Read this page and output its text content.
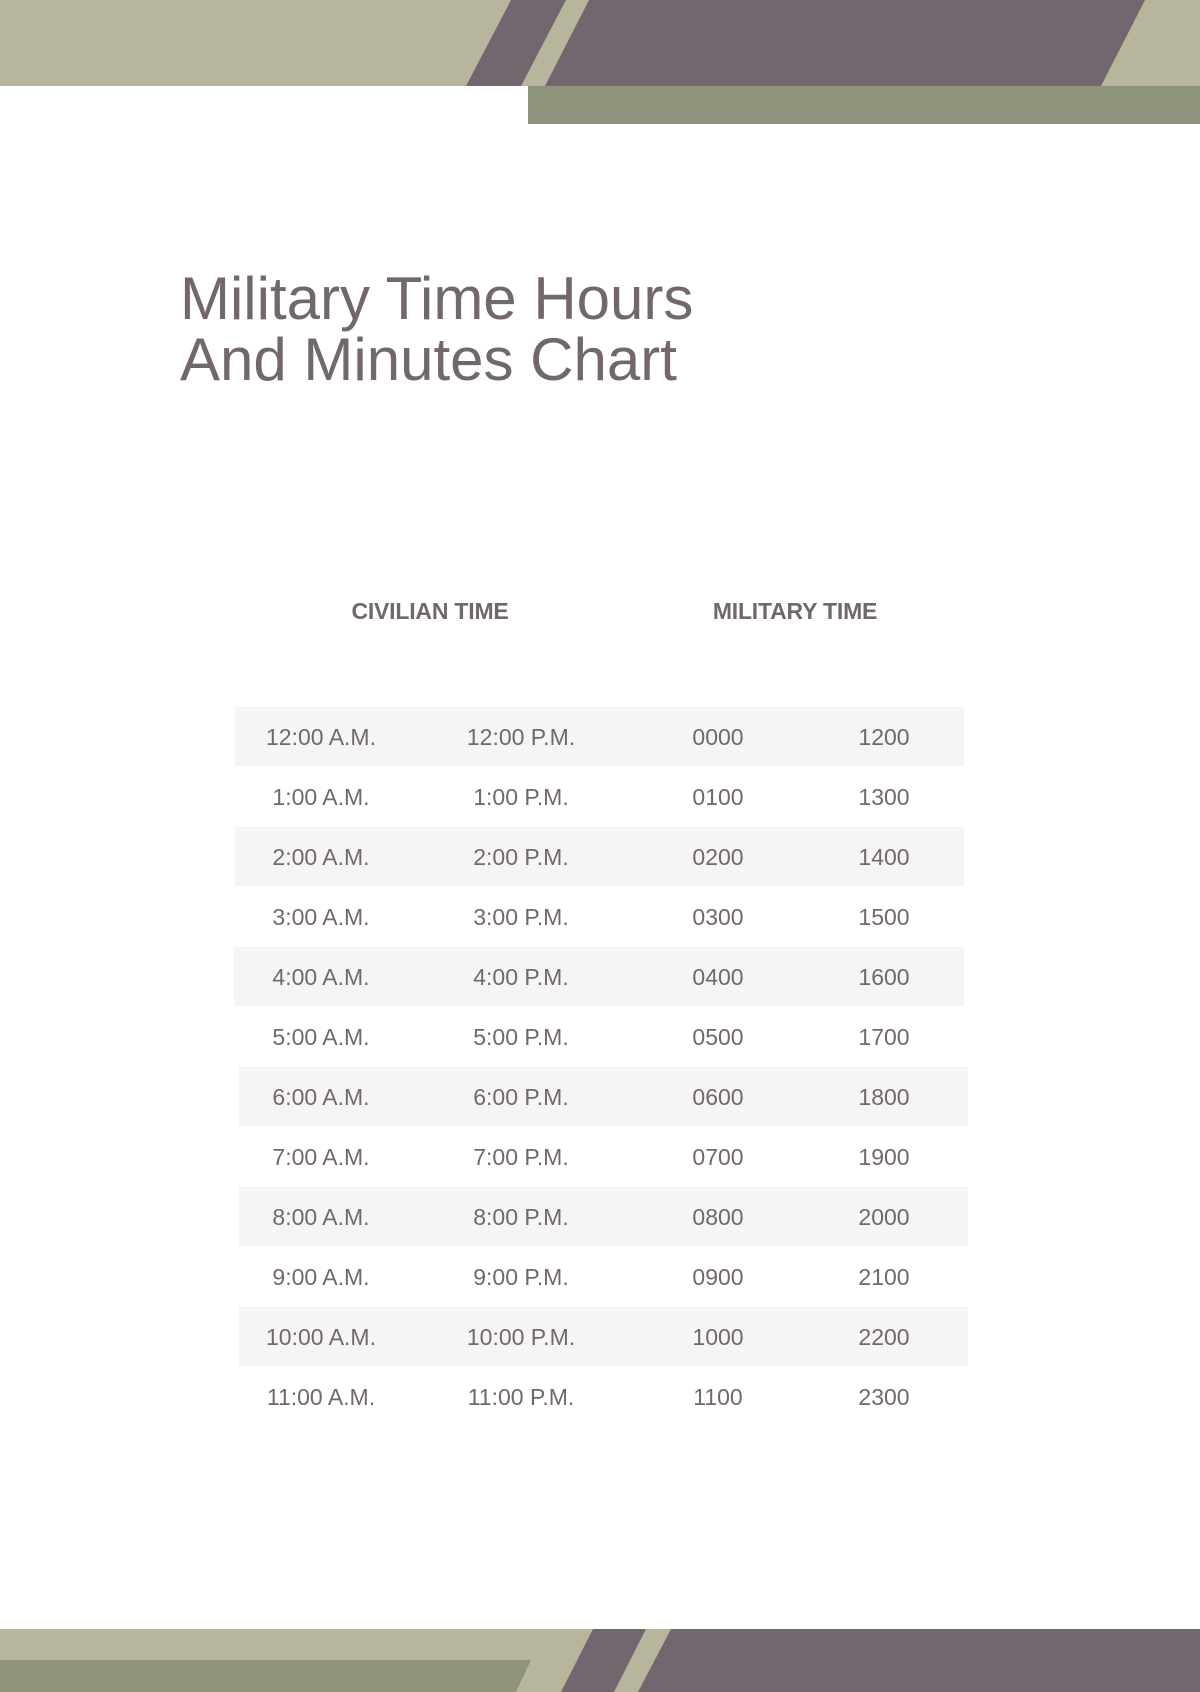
Military Time Hours
And Minutes Chart
CIVILIAN TIME	MILITARY TIME
12:00 A.M.	12:00 P.M.	0000	1200
1:00 A.M.	1:00 P.M.	0100	1300
2:00 A.M.	2:00 P.M.	0200	1400
3:00 A.M.	3:00 P.M.	0300	1500
4:00 A.M.	4:00 P.M.	0400	1600
5:00 A.M.	5:00 P.M.	0500	1700
6:00 A.M.	6:00 P.M.	0600	1800
7:00 A.M.	7:00 P.M.	0700	1900
8:00 A.M.	8:00 P.M.	0800	2000
9:00 A.M.	9:00 P.M.	0900	2100
10:00 A.M.	10:00 P.M.	1000	2200
11:00 A.M.	11:00 P.M.	1100	2300
